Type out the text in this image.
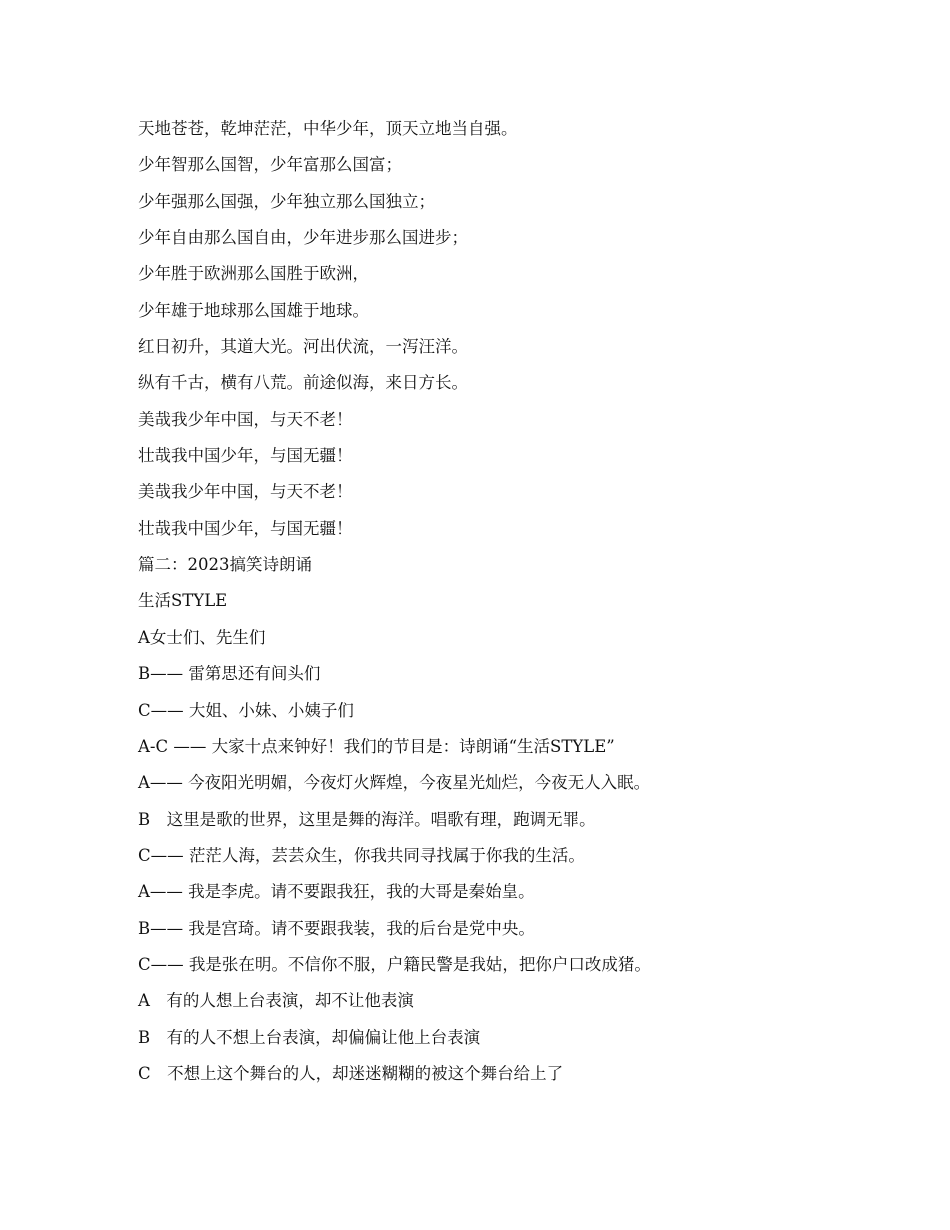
天地苍苍，乾坤茫茫，中华少年，顶天立地当自强。
少年智那么国智，少年富那么国富；
少年强那么国强，少年独立那么国独立；
少年自由那么国自由，少年进步那么国进步；
少年胜于欧洲那么国胜于欧洲，
少年雄于地球那么国雄于地球。
红日初升，其道大光。河出伏流，一泻汪洋。
纵有千古，横有八荒。前途似海，来日方长。
美哉我少年中国，与天不老！
壮哉我中国少年，与国无疆！
美哉我少年中国，与天不老！
壮哉我中国少年，与国无疆！
篇二：2023搞笑诗朗诵
生活STYLE
A女士们、先生们
B—— 雷第思还有间头们
C—— 大姐、小妹、小姨子们
A-C —— 大家十点来钟好！我们的节目是：诗朗诵“生活STYLE”
A—— 今夜阳光明媚，今夜灯火辉煌，今夜星光灿烂，今夜无人入眠。
B　这里是歌的世界，这里是舞的海洋。唱歌有理，跑调无罪。
C—— 茫茫人海，芸芸众生，你我共同寻找属于你我的生活。
A—— 我是李虎。请不要跟我狂，我的大哥是秦始皇。
B—— 我是宫琦。请不要跟我装，我的后台是党中央。
C—— 我是张在明。不信你不服，户籍民警是我姑，把你户口改成猪。
A　有的人想上台表演，却不让他表演
B　有的人不想上台表演，却偏偏让他上台表演
C　不想上这个舞台的人，却迷迷糊糊的被这个舞台给上了
